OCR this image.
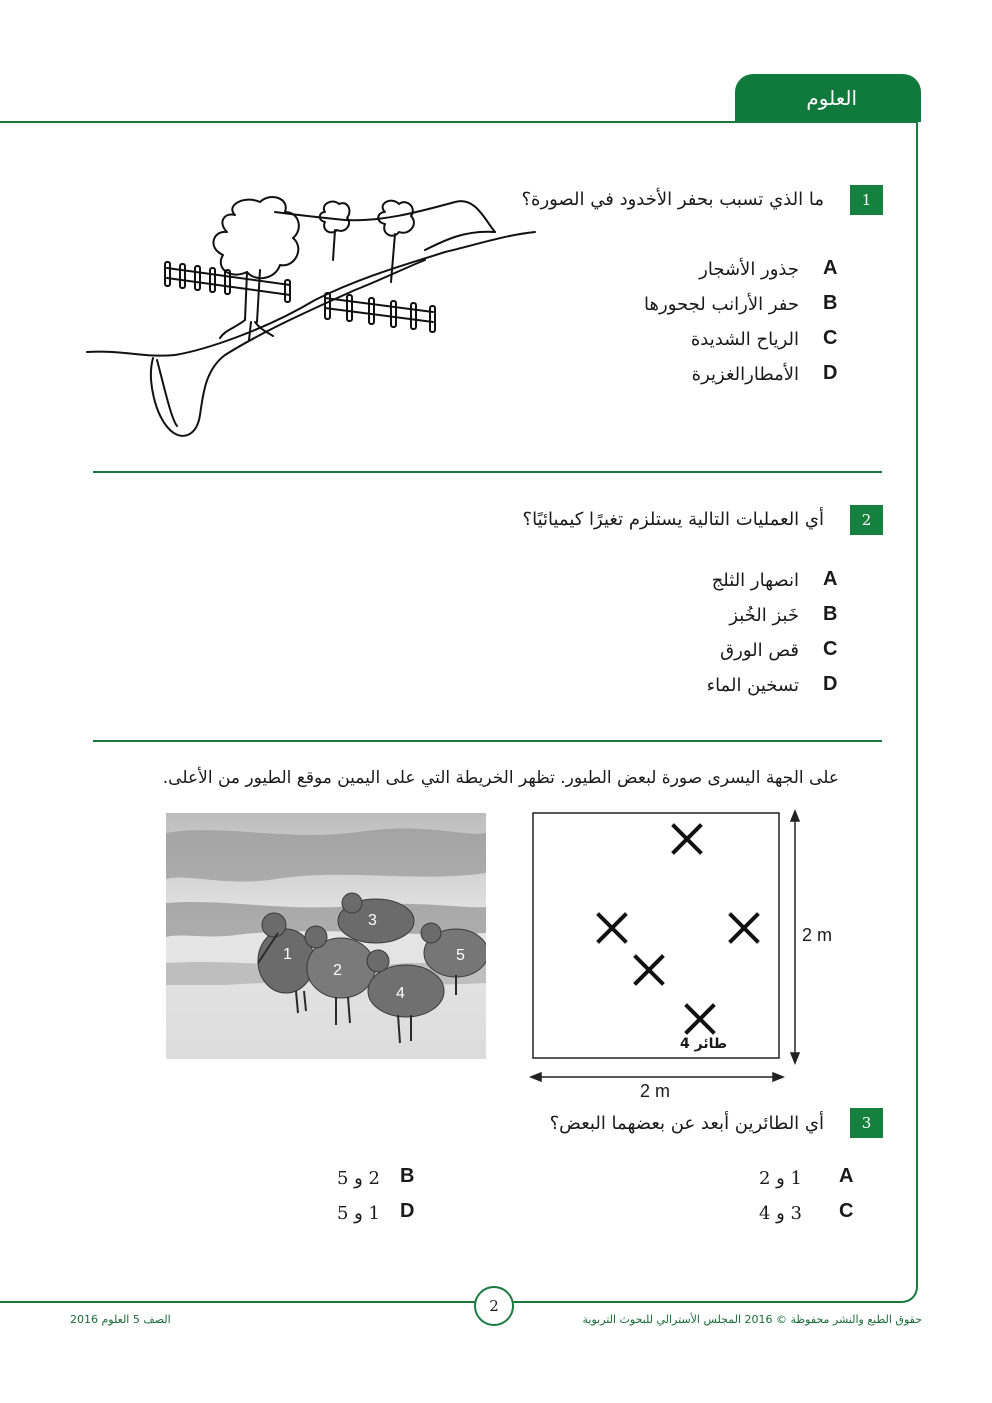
العلوم
1
ما الذي تسبب بحفر الأخدود في الصورة؟
A
جذور الأشجار
B
حفر الأرانب لجحورها
C
الرياح الشديدة
D
الأمطارالغزيرة
2
أي العمليات التالية يستلزم تغيرًا كيميائيًا؟
A
انصهار الثلج
B
خَبز الخُبز
C
قص الورق
D
تسخين الماء
على الجهة اليسرى صورة لبعض الطيور. تظهر الخريطة التي على اليمين موقع الطيور من الأعلى.
1
2
3
4
5
2 m
2 m
طائر 4
3
أي الطائرين أبعد عن بعضهما البعض؟
A
1 و 2
B
2 و 5
C
3 و 4
D
1 و 5
2
حقوق الطبع والنشر محفوظة © 2016 المجلس الأسترالي للبحوث التربوية
الصف 5 العلوم 2016
